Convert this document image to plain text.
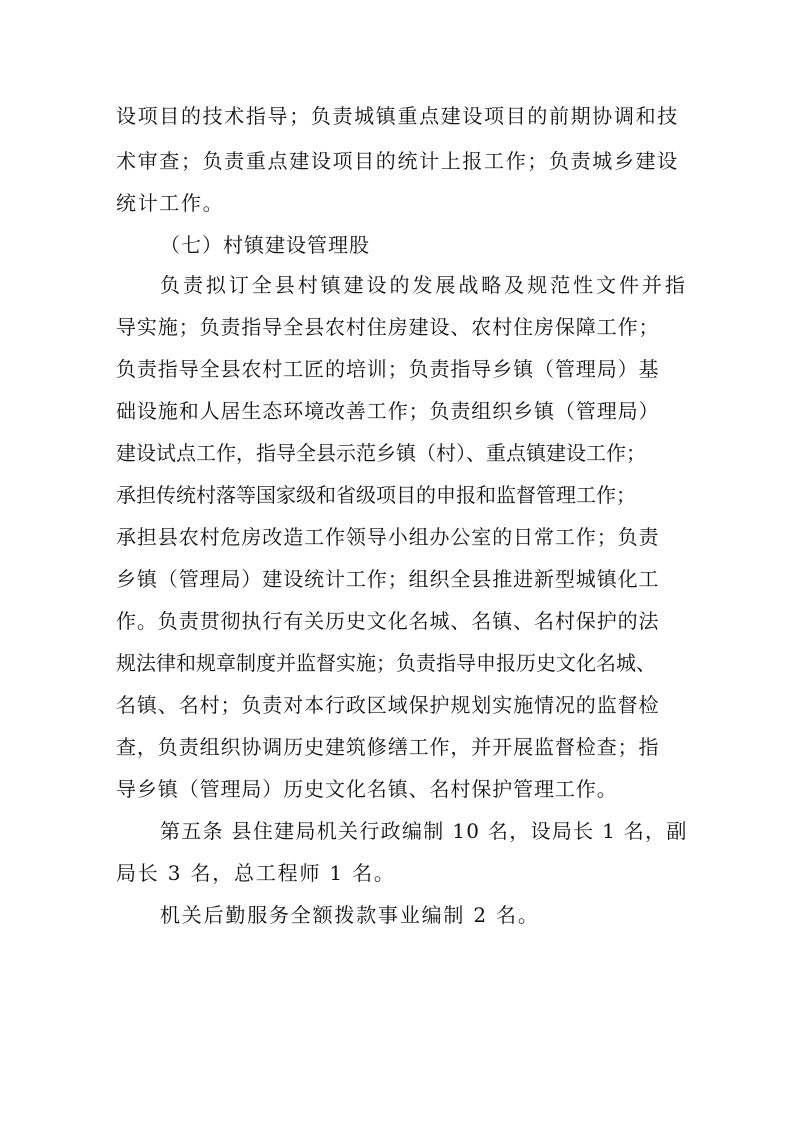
设项目的技术指导；负责城镇重点建设项目的前期协调和技
术审查；负责重点建设项目的统计上报工作；负责城乡建设
统计工作。
（七）村镇建设管理股
负责拟订全县村镇建设的发展战略及规范性文件并指
导实施；负责指导全县农村住房建设、农村住房保障工作；
负责指导全县农村工匠的培训；负责指导乡镇（管理局）基
础设施和人居生态环境改善工作；负责组织乡镇（管理局）
建设试点工作，指导全县示范乡镇（村）、重点镇建设工作；
承担传统村落等国家级和省级项目的申报和监督管理工作；
承担县农村危房改造工作领导小组办公室的日常工作；负责
乡镇（管理局）建设统计工作；组织全县推进新型城镇化工
作。负责贯彻执行有关历史文化名城、名镇、名村保护的法
规法律和规章制度并监督实施；负责指导申报历史文化名城、
名镇、名村；负责对本行政区域保护规划实施情况的监督检
查，负责组织协调历史建筑修缮工作，并开展监督检查；指
导乡镇（管理局）历史文化名镇、名村保护管理工作。
第五条 县住建局机关行政编制 10 名，设局长 1 名，副
局长 3 名，总工程师 1 名。
机关后勤服务全额拨款事业编制 2 名。
